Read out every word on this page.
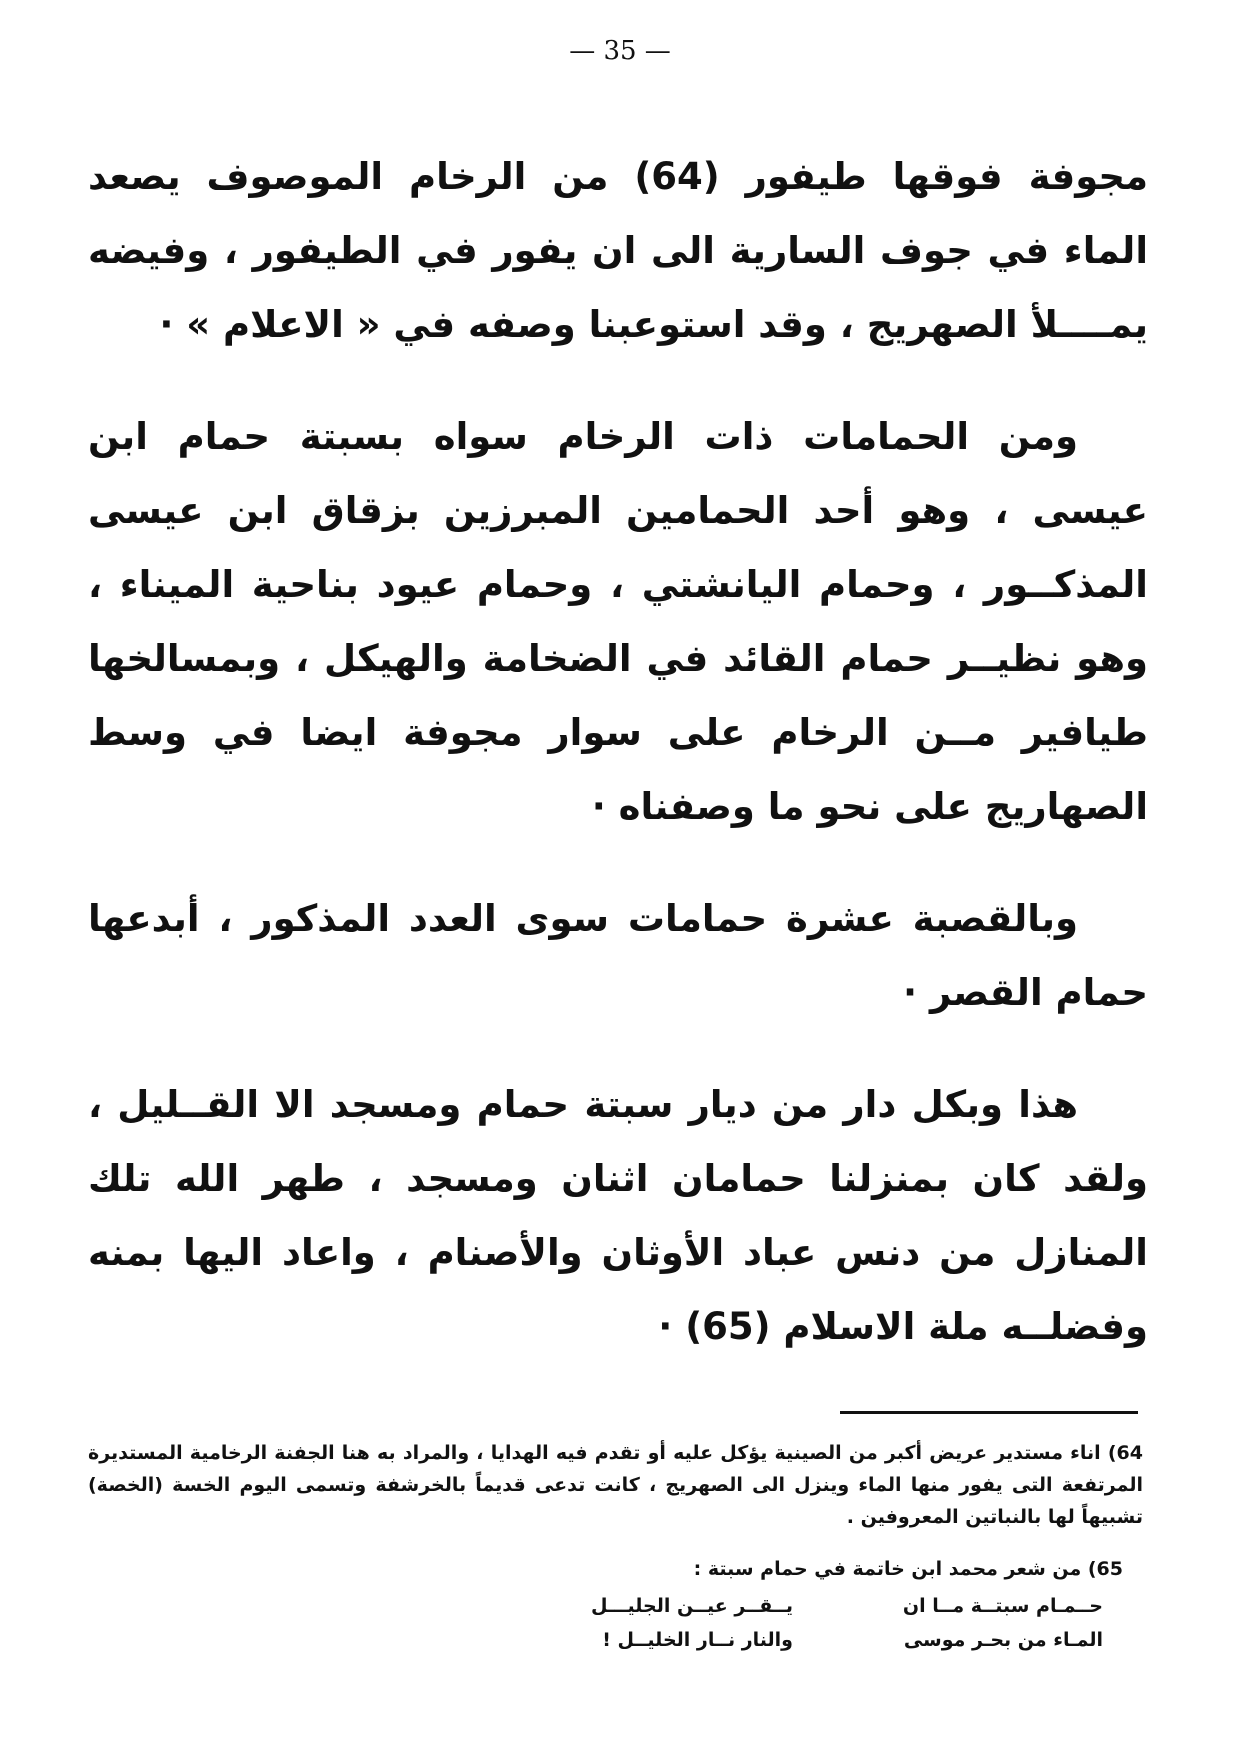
— 35 —

مجوفة فوقها طيفور (64) من الرخام الموصوف يصعد الماء في جوف السارية الى ان يفور في الطيفور ، وفيضه يمــــلأ الصهريج ، وقد استوعبنا وصفه في « الاعلام » ·

ومن الحمامات ذات الرخام سواه بسبتة حمام ابن عيسى ، وهو أحد الحمامين المبرزين بزقاق ابن عيسى المذكــور ، وحمام اليانشتي ، وحمام عيود بناحية الميناء ، وهو نظيــر حمام القائد في الضخامة والهيكل ، وبمسالخها طيافير مــن الرخام على سوار مجوفة ايضا في وسط الصهاريج على نحو ما وصفناه ·

وبالقصبة عشرة حمامات سوى العدد المذكور ، أبدعها حمام القصر ·

هذا وبكل دار من ديار سبتة حمام ومسجد الا القــليل ، ولقد كان بمنزلنا حمامان اثنان ومسجد ، طهر الله تلك المنازل من دنس عباد الأوثان والأصنام ، واعاد اليها بمنه وفضلــه ملة الاسلام (65) ·

64) اناء مستدير عريض أكبر من الصينية يؤكل عليه أو تقدم فيه الهدايا ، والمراد به هنا الجفنة الرخامية المستديرة المرتفعة التى يفور منها الماء وينزل الى الصهريج ، كانت تدعى قديماً بالخرشفة وتسمى اليوم الخسة (الخصة) تشبيهاً لها بالنباتين المعروفين .

65) من شعر محمد ابن خاتمة في حمام سبتة :

حــمـام سبتــة مــا ان
يــقــر عيــن الجليـــل
المـاء من بحـر موسى
والنار نــار الخليــل !
